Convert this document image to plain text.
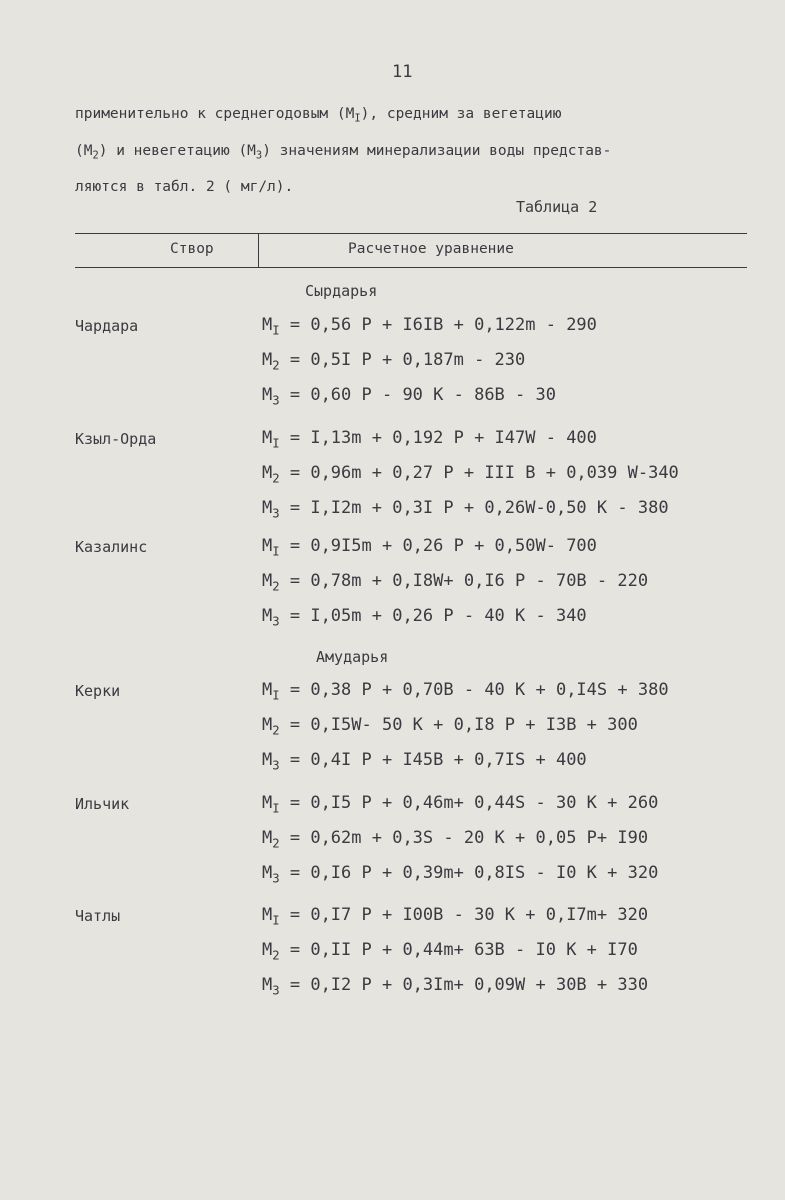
11
применительно к среднегодовым $(M_I)$, средним за вегетацию
$(M_2)$ и невегетацию $(M_3)$ значениям минерализации воды представ-
ляются в табл. 2 ( мг/л).
Таблица 2
Створ	Расчетное уравнение
Сырдарья
Чардара	$M_I = 0,56$ P + I6IB + 0,122m - 290
$M_2 = 0,5I$ P + 0,187m - 230
$M_3 = 0,60$ P - 90 K - 86B - 30
Кзыл-Орда	$M_I = I,13m + 0,192$ P + I47W - 400
$M_2 = 0,96m + 0,27$ P + III B + 0,039 W-340
$M_3 = I,I2m + 0,3I$ P + 0,26W-0,50 K - 380
Казалинс	$M_I = 0,9I5m + 0,26$ P + 0,50W- 700
$M_2 = 0,78m + 0,I8W+ 0,I6$ P - 70B - 220
$M_3 = I,05m + 0,26$ P - 40 K - 340
Амударья
Керки	$M_I = 0,38$ P + 0,70B - 40 K + 0,I4S + 380
$M_2 = 0,I5W-$ 50 K + 0,I8 P + I3B + 300
$M_3 = 0,4I$ P + I45B + 0,7IS + 400
Ильчик	$M_I = 0,I5$ P + 0,46m+ 0,44S - 30 K + 260
$M_2 = 0,62m + 0,3S - 20$ K + 0,05 P+ I90
$M_3 = 0,I6$ P + 0,39m+ 0,8IS - I0 K + 320
Чатлы	$M_I = 0,I7$ P + I00B - 30 K + 0,I7m+ 320
$M_2 = 0,II$ P + 0,44m+ 63B - I0 K + I70
$M_3 = 0,I2$ P + 0,3Im+ 0,09W + 30B + 330
